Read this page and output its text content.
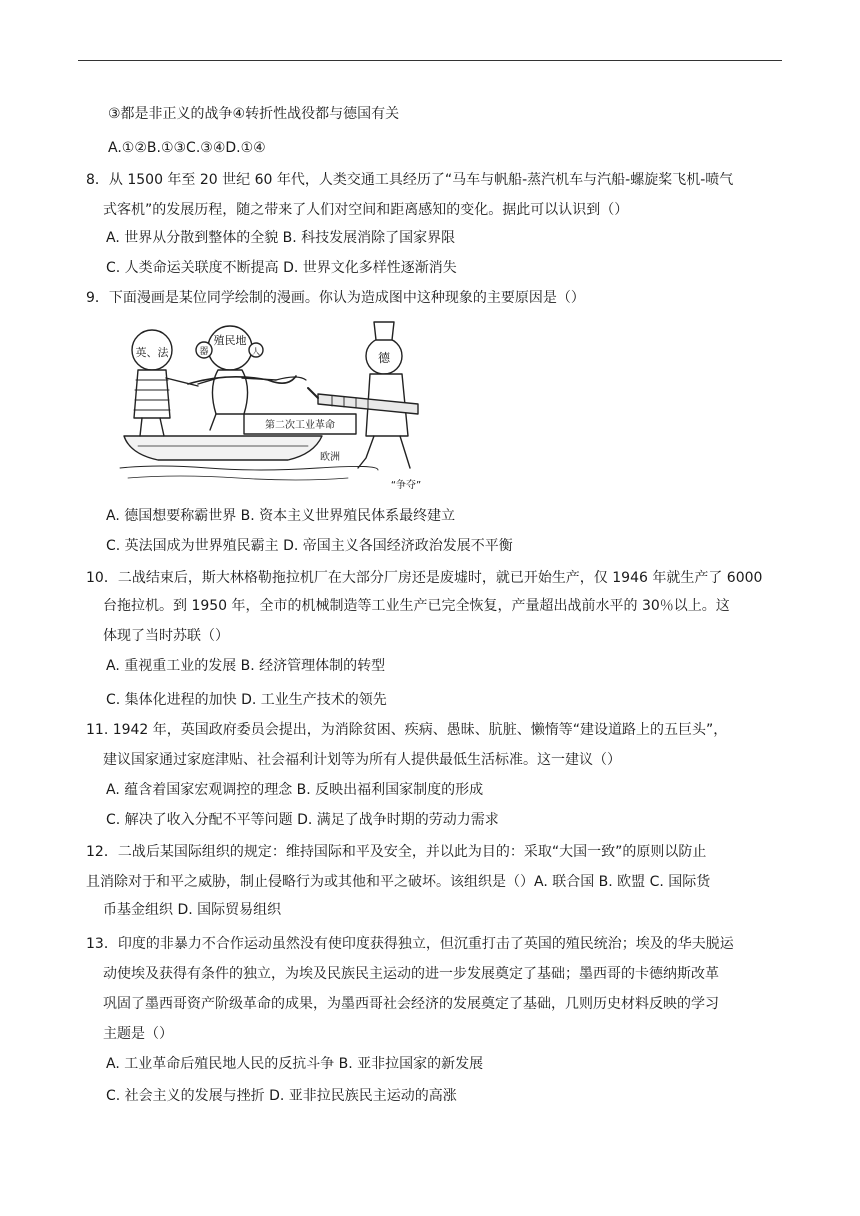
③都是非正义的战争④转折性战役都与德国有关
A.①②B.①③C.③④D.①④
8．从 1500 年至 20 世纪 60 年代，人类交通工具经历了“马车与帆船-蒸汽机车与汽船-螺旋桨飞机-喷气
式客机”的发展历程，随之带来了人们对空间和距离感知的变化。据此可以认识到（）
A. 世界从分散到整体的全貌 B. 科技发展消除了国家界限
C. 人类命运关联度不断提高 D. 世界文化多样性逐渐消失
9．下面漫画是某位同学绘制的漫画。你认为造成图中这种现象的主要原因是（）
英、法
殖民地
器	人	德
第二次工业革命
欧洲
“争夺”
A. 德国想要称霸世界 B. 资本主义世界殖民体系最终建立
C. 英法国成为世界殖民霸主 D. 帝国主义各国经济政治发展不平衡
10．二战结束后，斯大林格勒拖拉机厂在大部分厂房还是废墟时，就已开始生产，仅 1946 年就生产了 6000
台拖拉机。到 1950 年，全市的机械制造等工业生产已完全恢复，产量超出战前水平的 30％以上。这
体现了当时苏联（）
A. 重视重工业的发展 B. 经济管理体制的转型
C. 集体化进程的加快 D. 工业生产技术的领先
11. 1942 年，英国政府委员会提出，为消除贫困、疾病、愚昧、肮脏、懒惰等“建设道路上的五巨头”，
建议国家通过家庭津贴、社会福利计划等为所有人提供最低生活标准。这一建议（）
A. 蕴含着国家宏观调控的理念 B. 反映出福利国家制度的形成
C. 解决了收入分配不平等问题 D. 满足了战争时期的劳动力需求
12．二战后某国际组织的规定：维持国际和平及安全，并以此为目的：采取“大国一致”的原则以防止
且消除对于和平之威胁，制止侵略行为或其他和平之破坏。该组织是（）A. 联合国 B. 欧盟 C. 国际货
币基金组织 D. 国际贸易组织
13．印度的非暴力不合作运动虽然没有使印度获得独立，但沉重打击了英国的殖民统治；埃及的华夫脱运
动使埃及获得有条件的独立，为埃及民族民主运动的进一步发展奠定了基础；墨西哥的卡德纳斯改革
巩固了墨西哥资产阶级革命的成果，为墨西哥社会经济的发展奠定了基础，几则历史材料反映的学习
主题是（）
A. 工业革命后殖民地人民的反抗斗争 B. 亚非拉国家的新发展
C. 社会主义的发展与挫折 D. 亚非拉民族民主运动的高涨
